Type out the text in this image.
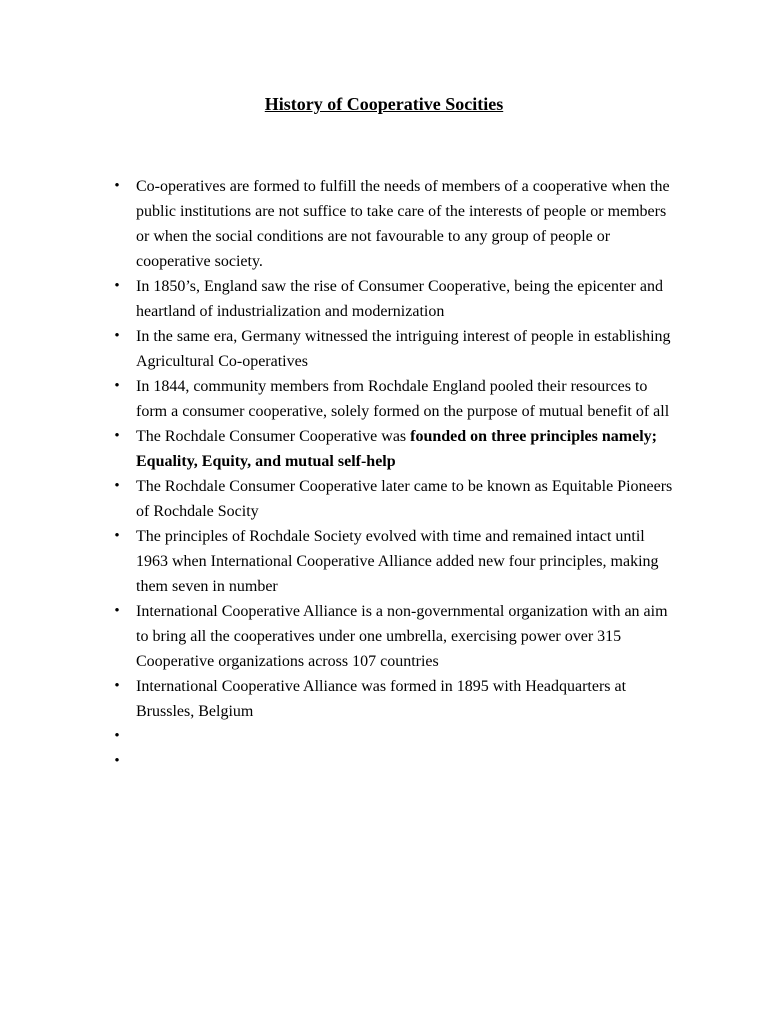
History of Cooperative Socities
• Co-operatives are formed to fulfill the needs of members of a cooperative when the public institutions are not suffice to take care of the interests of people or members or when the social conditions are not favourable to any group of people or cooperative society.
• In 1850’s, England saw the rise of Consumer Cooperative, being the epicenter and heartland of industrialization and modernization
• In the same era, Germany witnessed the intriguing interest of people in establishing Agricultural Co-operatives
• In 1844, community members from Rochdale England pooled their resources to form a consumer cooperative, solely formed on the purpose of mutual benefit of all
• The Rochdale Consumer Cooperative was founded on three principles namely; Equality, Equity, and mutual self-help
• The Rochdale Consumer Cooperative later came to be known as Equitable Pioneers of Rochdale Socity
• The principles of Rochdale Society evolved with time and remained intact until 1963 when International Cooperative Alliance added new four principles, making them seven in number
• International Cooperative Alliance is a non-governmental organization with an aim to bring all the cooperatives under one umbrella, exercising power over 315 Cooperative organizations across 107 countries
• International Cooperative Alliance was formed in 1895 with Headquarters at Brussles, Belgium
•
•
